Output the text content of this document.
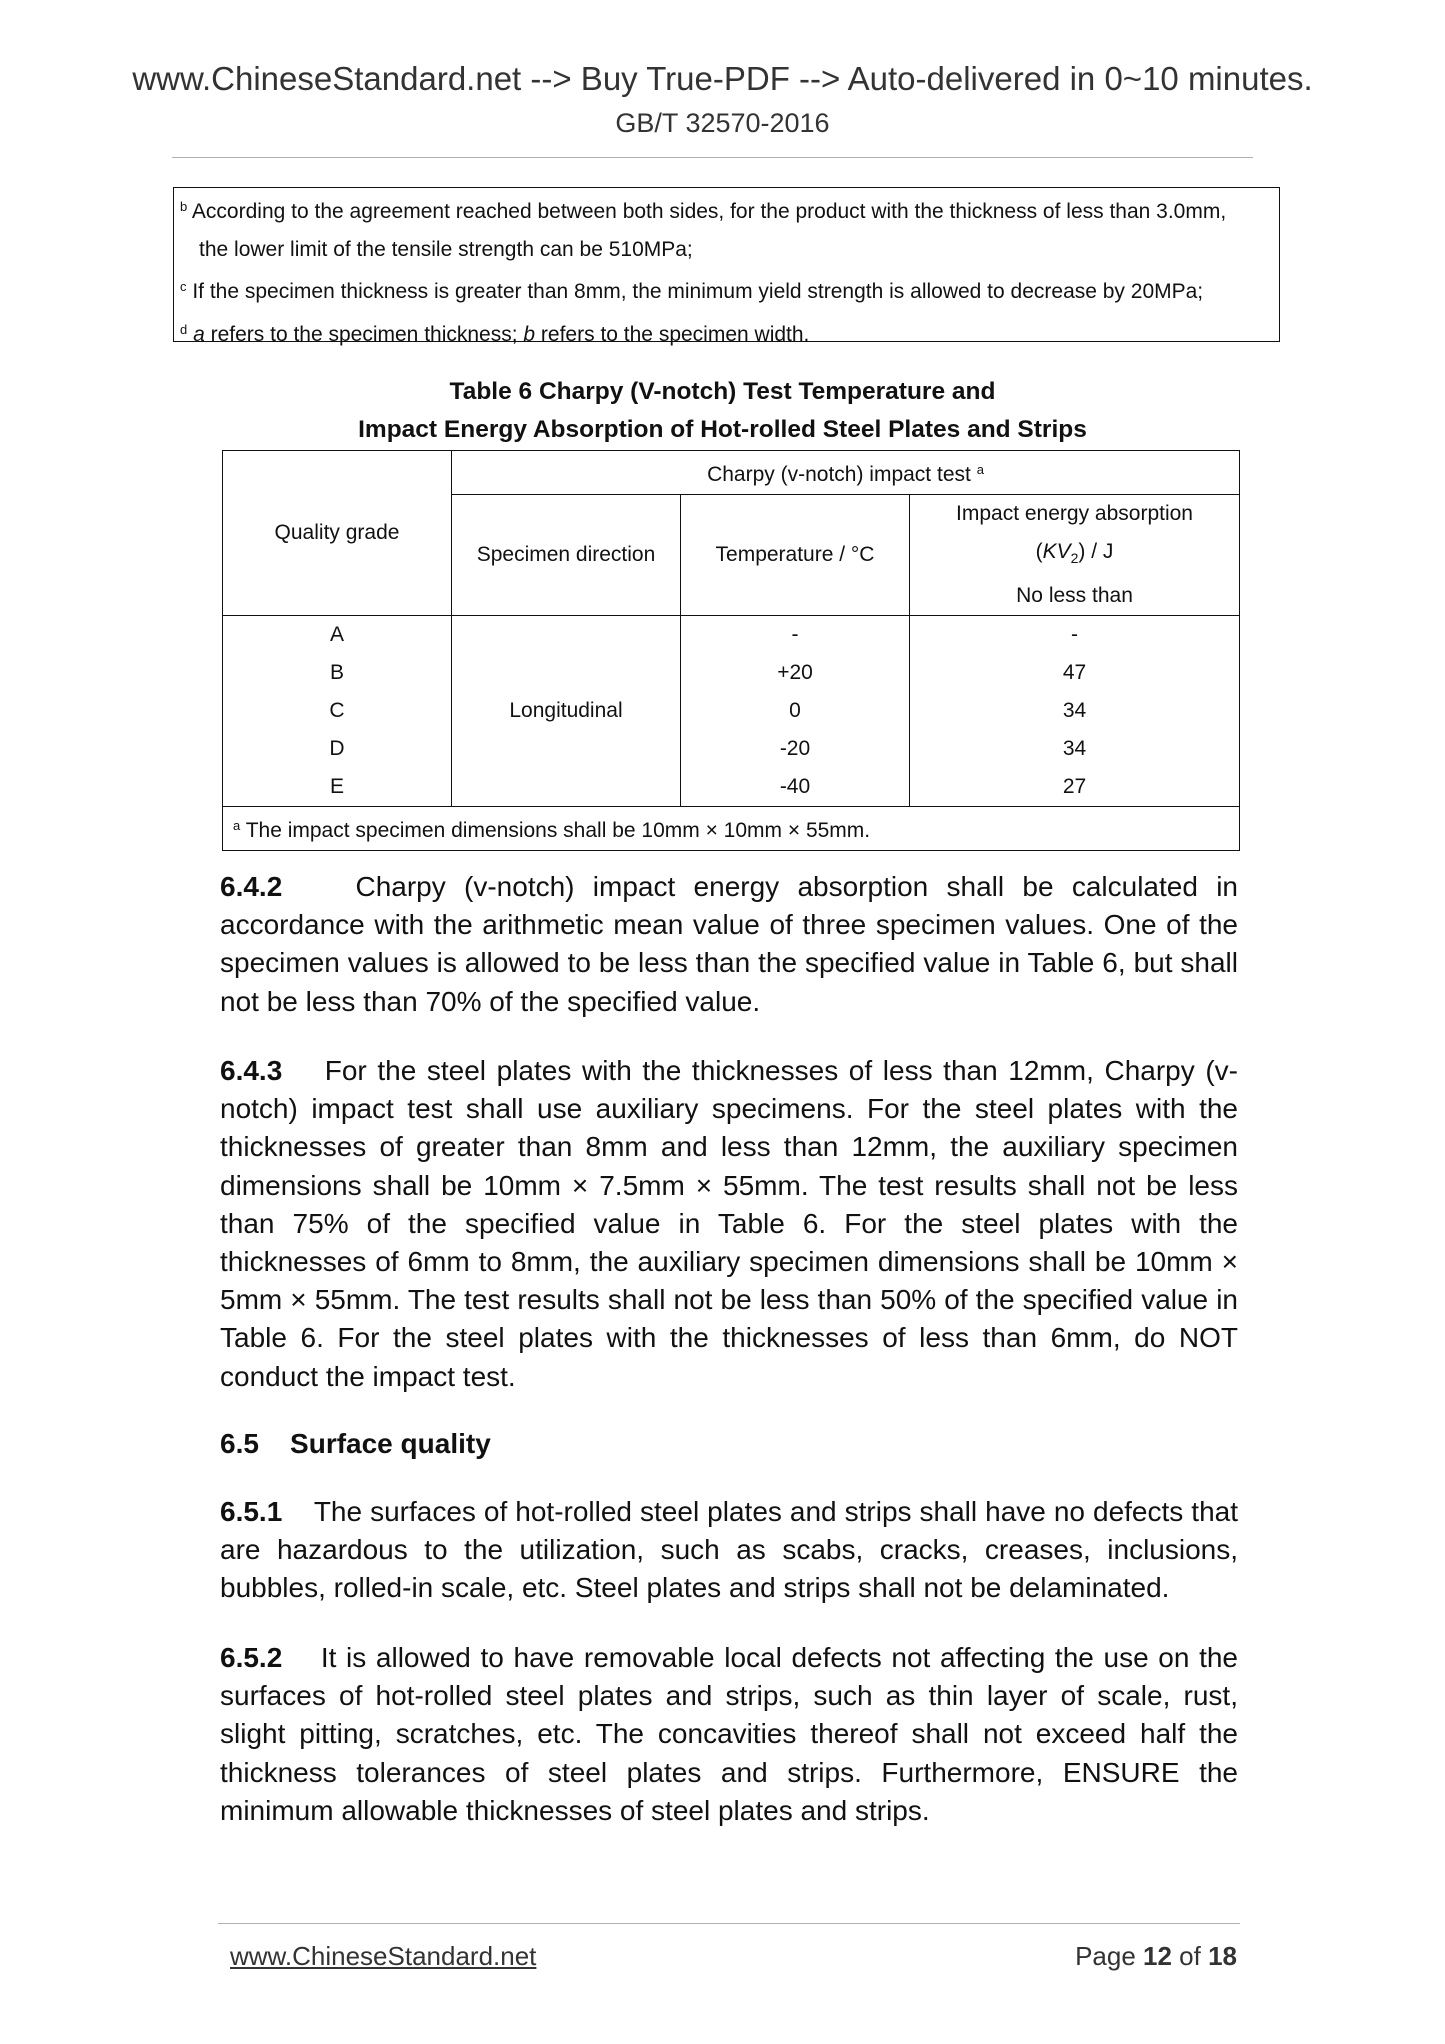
www.ChineseStandard.net --> Buy True-PDF --> Auto-delivered in 0~10 minutes.
GB/T 32570-2016
$^b$ According to the agreement reached between both sides, for the product with the thickness of less than 3.0mm,
the lower limit of the tensile strength can be 510MPa;
$^c$ If the specimen thickness is greater than 8mm, the minimum yield strength is allowed to decrease by 20MPa;
$^d$ a refers to the specimen thickness; b refers to the specimen width.
Table 6 Charpy (V-notch) Test Temperature and
Impact Energy Absorption of Hot-rolled Steel Plates and Strips
Quality grade	Charpy (v-notch) impact test $^a$
	Specimen direction	Temperature / °C	Impact energy absorption
$(KV_2)$ / J
No less than

A	Longitudinal	-	-
B		+20	47
C		0	34
D		-20	34
E		-40	27
$^a$ The impact specimen dimensions shall be 10mm × 10mm × 55mm.			
6.4.2	Charpy (v-notch) impact energy absorption shall be calculated in accordance with the arithmetic mean value of three specimen values. One of the specimen values is allowed to be less than the specified value in Table 6, but shall not be less than 70% of the specified value.
6.4.3 For the steel plates with the thicknesses of less than 12mm, Charpy (v-notch) impact test shall use auxiliary specimens. For the steel plates with the thicknesses of greater than 8mm and less than 12mm, the auxiliary specimen dimensions shall be 10mm × 7.5mm × 55mm. The test results shall not be less than 75% of the specified value in Table 6. For the steel plates with the thicknesses of 6mm to 8mm, the auxiliary specimen dimensions shall be 10mm × 5mm × 55mm. The test results shall not be less than 50% of the specified value in Table 6. For the steel plates with the thicknesses of less than 6mm, do NOT conduct the impact test.
6.5    Surface quality
6.5.1 The surfaces of hot-rolled steel plates and strips shall have no defects that are hazardous to the utilization, such as scabs, cracks, creases, inclusions, bubbles, rolled-in scale, etc. Steel plates and strips shall not be delaminated.
6.5.2 It is allowed to have removable local defects not affecting the use on the surfaces of hot-rolled steel plates and strips, such as thin layer of scale, rust, slight pitting, scratches, etc. The concavities thereof shall not exceed half the thickness tolerances of steel plates and strips. Furthermore, ENSURE the minimum allowable thicknesses of steel plates and strips.
www.ChineseStandard.net	Page 12 of 18
